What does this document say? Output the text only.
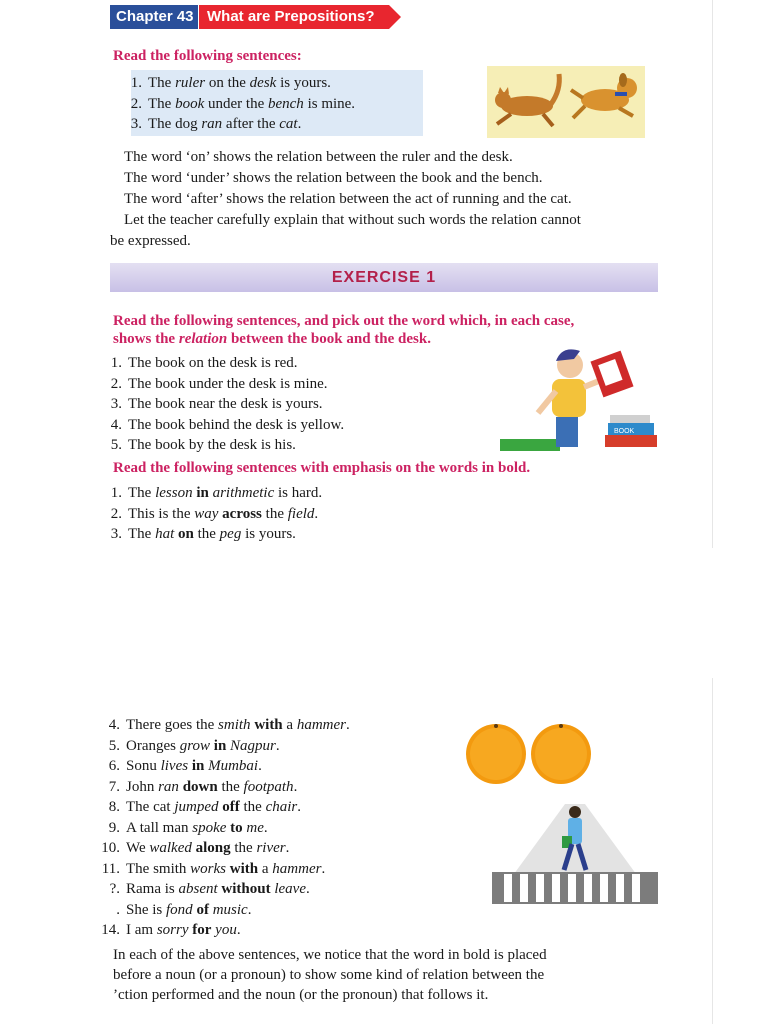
Chapter 43 What are Prepositions?
Read the following sentences:
1. The ruler on the desk is yours.
2. The book under the bench is mine.
3. The dog ran after the cat.
The word ‘on’ shows the relation between the ruler and the desk.
The word ‘under’ shows the relation between the book and the bench.
The word ‘after’ shows the relation between the act of running and the cat.
Let the teacher carefully explain that without such words the relation cannot
be expressed.
EXERCISE 1
Read the following sentences, and pick out the word which, in each case,
shows the relation between the book and the desk.
1. The book on the desk is red.
2. The book under the desk is mine.
3. The book near the desk is yours.
4. The book behind the desk is yellow.
5. The book by the desk is his.
BOOK
Read the following sentences with emphasis on the words in bold.
1. The lesson in arithmetic is hard.
2. This is the way across the field.
3. The hat on the peg is yours.
4. There goes the smith with a hammer.
5. Oranges grow in Nagpur.
6. Sonu lives in Mumbai.
7. John ran down the footpath.
8. The cat jumped off the chair.
9. A tall man spoke to me.
10. We walked along the river.
11. The smith works with a hammer.
?. Rama is absent without leave.
. She is fond of music.
14. I am sorry for you.
In each of the above sentences, we notice that the word in bold is placed
before a noun (or a pronoun) to show some kind of relation between the
’ction performed and the noun (or the pronoun) that follows it.
